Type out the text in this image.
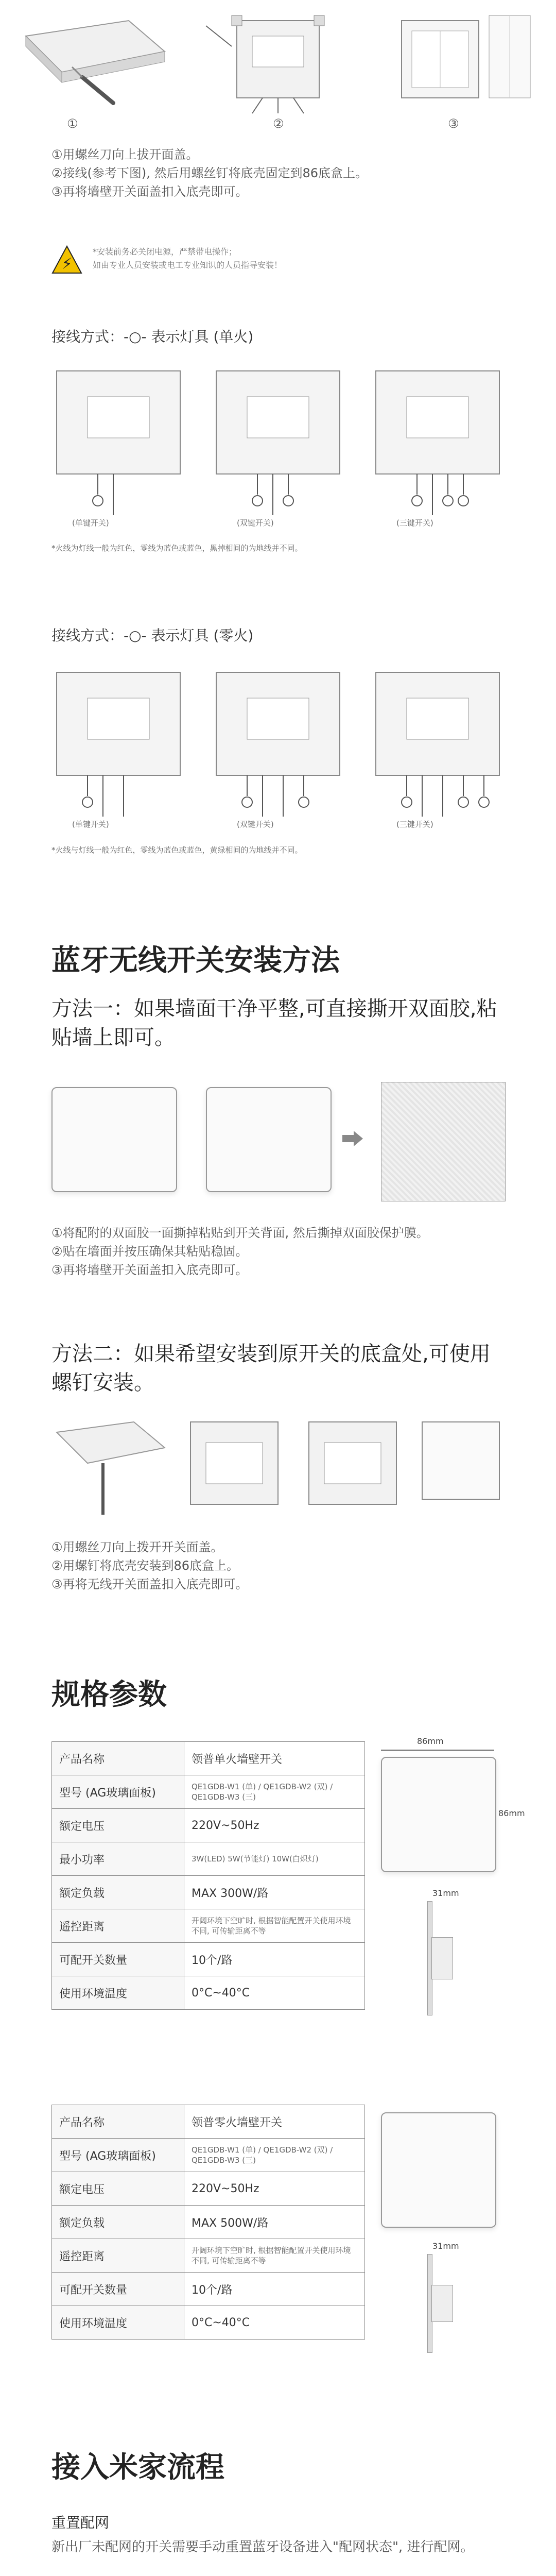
①	②	③
①用螺丝刀向上拔开面盖。
②接线(参考下图), 然后用螺丝钉将底壳固定到86底盒上。
③再将墙壁开关面盖扣入底壳即可。
⚡
*安装前务必关闭电源，严禁带电操作；
如由专业人员安装或电工专业知识的人员指导安装！
接线方式：-○- 表示灯具 (单火)
(单键开关)	(双键开关)	(三键开关)
*火线为灯线一般为红色，零线为蓝色或蓝色，黑掉相间的为地线并不同。
接线方式：-○- 表示灯具 (零火)
(单键开关)	(双键开关)	(三键开关)
*火线与灯线一般为红色，零线为蓝色或蓝色，黄绿相间的为地线并不同。
蓝牙无线开关安装方法
方法一：如果墙面干净平整,可直接撕开双面胶,粘贴墙上即可。
①将配附的双面胶一面撕掉粘贴到开关背面, 然后撕掉双面胶保护膜。
②贴在墙面并按压确保其粘贴稳固。
③再将墙壁开关面盖扣入底壳即可。
方法二：如果希望安装到原开关的底盒处,可使用螺钉安装。
①用螺丝刀向上拨开开关面盖。
②用螺钉将底壳安装到86底盒上。
③再将无线开关面盖扣入底壳即可。
规格参数
产品名称	领普单火墙壁开关
型号 (AG玻璃面板)	QE1GDB-W1 (单) / QE1GDB-W2 (双) / QE1GDB-W3 (三)
额定电压	220V~50Hz
最小功率	3W(LED) 5W(节能灯) 10W(白炽灯)
额定负载	MAX 300W/路
遥控距离	开阔环境下空旷时, 根据智能配置开关使用环境不同, 可传输距离不等
可配开关数量	10个/路
使用环境温度	0°C~40°C
86mm
86mm
31mm
产品名称	领普零火墙壁开关
型号 (AG玻璃面板)	QE1GDB-W1 (单) / QE1GDB-W2 (双) / QE1GDB-W3 (三)
额定电压	220V~50Hz
额定负载	MAX 500W/路
遥控距离	开阔环境下空旷时, 根据智能配置开关使用环境不同, 可传输距离不等
可配开关数量	10个/路
使用环境温度	0°C~40°C
31mm
接入米家流程
重置配网
新出厂未配网的开关需要手动重置蓝牙设备进入"配网状态", 进行配网。
